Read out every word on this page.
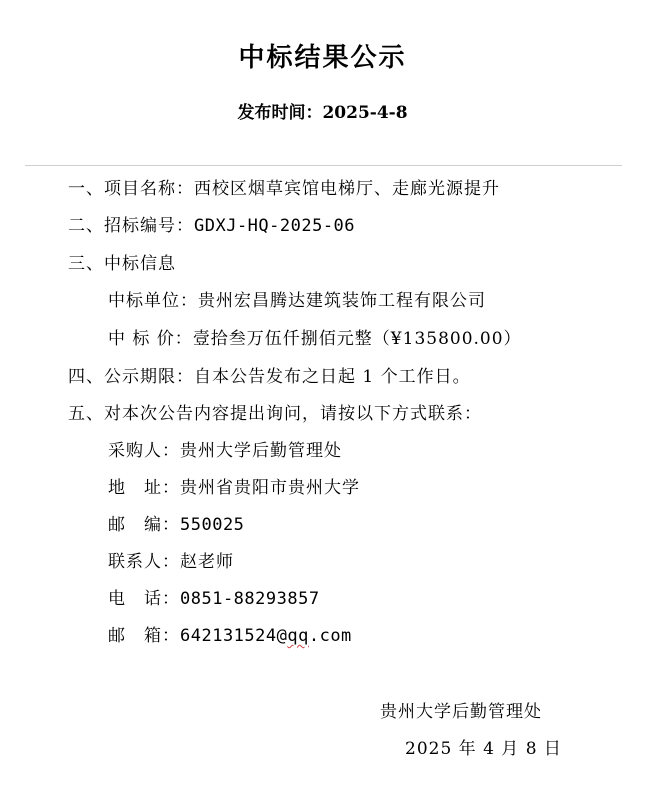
中标结果公示
发布时间：2025-4-8
一、项目名称：西校区烟草宾馆电梯厅、走廊光源提升
二、招标编号：GDXJ-HQ-2025-06
三、中标信息
中标单位：贵州宏昌腾达建筑装饰工程有限公司
中 标 价：壹拾叁万伍仟捌佰元整（¥135800.00）
四、公示期限：自本公告发布之日起 1 个工作日。
五、对本次公告内容提出询问，请按以下方式联系：
采购人：贵州大学后勤管理处
地　址：贵州省贵阳市贵州大学
邮　编：550025
联系人：赵老师
电　话：0851-88293857
邮　箱：642131524@qq.com
贵州大学后勤管理处
2025 年 4 月 8 日
